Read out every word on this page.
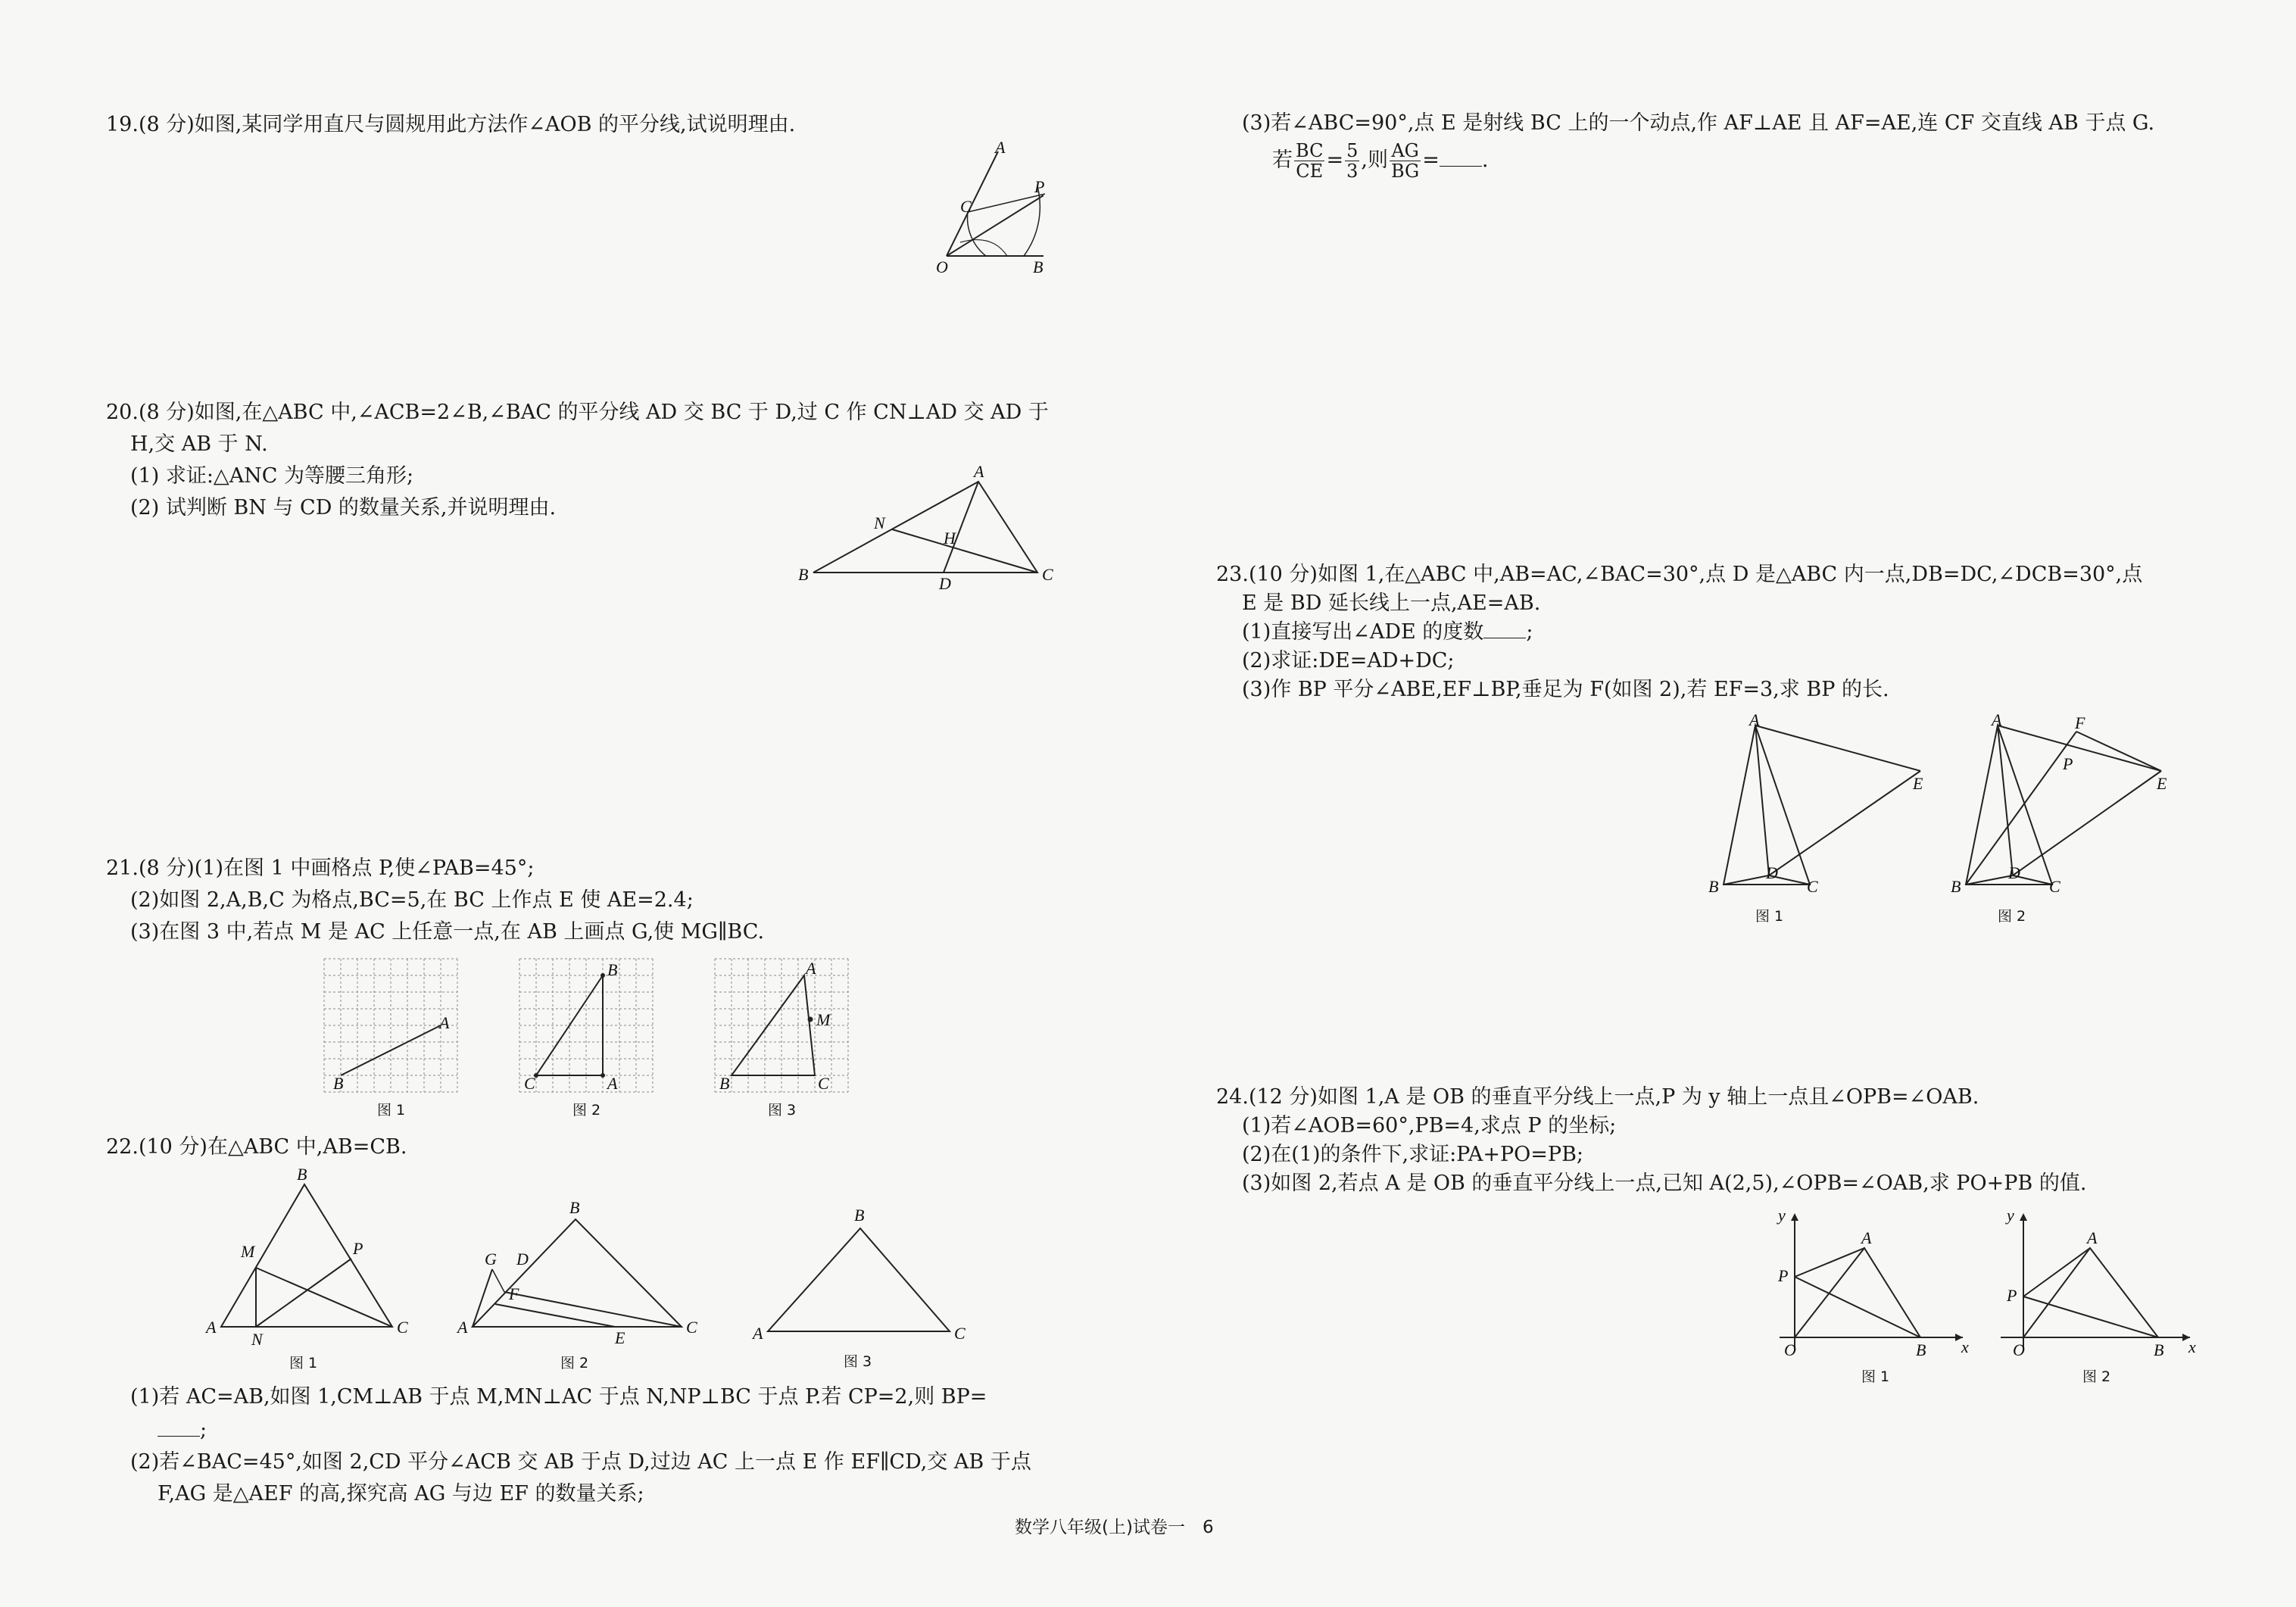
19.(8 分)如图,某同学用直尺与圆规用此方法作∠AOB 的平分线,试说明理由.
A
C
P
O	B
20.(8 分)如图,在△ABC 中,∠ACB=2∠B,∠BAC 的平分线 AD 交 BC 于 D,过 C 作 CN⊥AD 交 AD 于
H,交 AB 于 N.
(1) 求证:△ANC 为等腰三角形;
(2) 试判断 BN 与 CD 的数量关系,并说明理由.
A
N
H
B	D	C
21.(8 分)(1)在图 1 中画格点 P,使∠PAB=45°;
(2)如图 2,A,B,C 为格点,BC=5,在 BC 上作点 E 使 AE=2.4;
(3)在图 3 中,若点 M 是 AC 上任意一点,在 AB 上画点 G,使 MG∥BC.
A
B
图 1
B
C	A
图 2
A
M
B	C
图 3
22.(10 分)在△ABC 中,AB=CB.
B
M	P
A
N
C
图 1
B
G D
F
A
E
C
图 2
B
A	C
图 3
(1)若 AC=AB,如图 1,CM⊥AB 于点 M,MN⊥AC 于点 N,NP⊥BC 于点 P.若 CP=2,则 BP=
;
(2)若∠BAC=45°,如图 2,CD 平分∠ACB 交 AB 于点 D,过边 AC 上一点 E 作 EF∥CD,交 AB 于点
F,AG 是△AEF 的高,探究高 AG 与边 EF 的数量关系;
(3)若∠ABC=90°,点 E 是射线 BC 上的一个动点,作 AF⊥AE 且 AF=AE,连 CF 交直线 AB 于点 G.
若 $\frac{BC}{CE} = \frac{5}{3}$ ,则 $\frac{AG}{BG}$ = .
23.(10 分)如图 1,在△ABC 中,AB=AC,∠BAC=30°,点 D 是△ABC 内一点,DB=DC,∠DCB=30°,点
E 是 BD 延长线上一点,AE=AB.
(1)直接写出∠ADE 的度数 ;
(2)求证:DE=AD+DC;
(3)作 BP 平分∠ABE,EF⊥BP,垂足为 F(如图 2),若 EF=3,求 BP 的长.
A
E
D
B	C
图 1
A	F
P
E
D
B	C
图 2
24.(12 分)如图 1,A 是 OB 的垂直平分线上一点,P 为 y 轴上一点且∠OPB=∠OAB.
(1)若∠AOB=60°,PB=4,求点 P 的坐标;
(2)在(1)的条件下,求证:PA+PO=PB;
(3)如图 2,若点 A 是 OB 的垂直平分线上一点,已知 A(2,5),∠OPB=∠OAB,求 PO+PB 的值.
y
A
P
O	B x
图 1
y
A
P
O	B x
图 2
数学八年级(上)试卷一　6
